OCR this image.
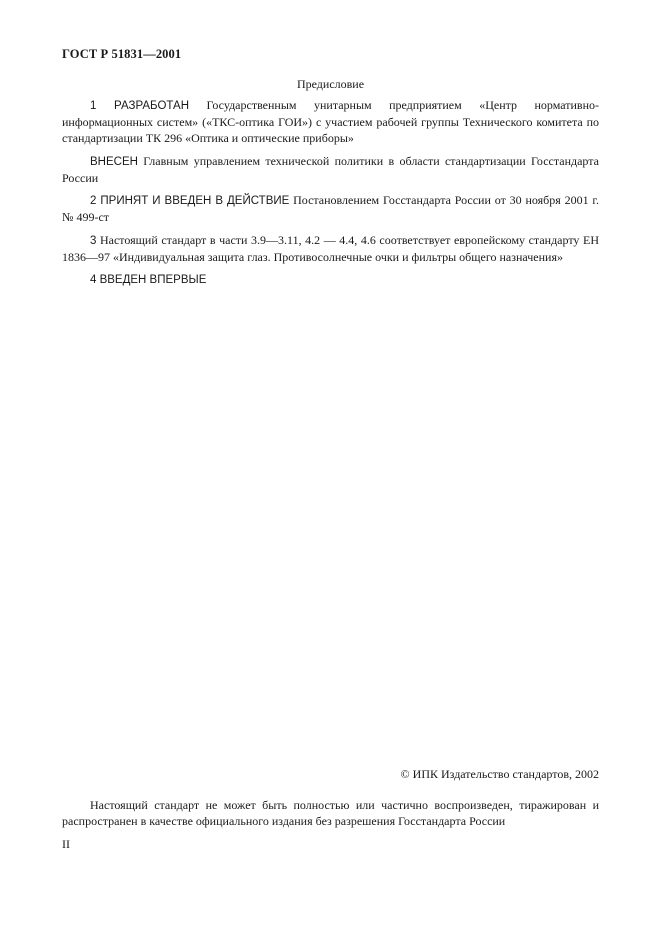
ГОСТ Р 51831—2001
Предисловие
1 РАЗРАБОТАН Государственным унитарным предприятием «Центр нормативно-информационных систем» («ТКС-оптика ГОИ») с участием рабочей группы Технического комитета по стандартизации ТК 296 «Оптика и оптические приборы»
ВНЕСЕН Главным управлением технической политики в области стандартизации Госстандарта России
2 ПРИНЯТ И ВВЕДЕН В ДЕЙСТВИЕ Постановлением Госстандарта России от 30 ноября 2001 г. № 499-ст
3 Настоящий стандарт в части 3.9—3.11, 4.2 — 4.4, 4.6 соответствует европейскому стандарту ЕН 1836—97 «Индивидуальная защита глаз. Противосолнечные очки и фильтры общего назначения»
4 ВВЕДЕН ВПЕРВЫЕ
© ИПК Издательство стандартов, 2002
Настоящий стандарт не может быть полностью или частично воспроизведен, тиражирован и распространен в качестве официального издания без разрешения Госстандарта России
II
